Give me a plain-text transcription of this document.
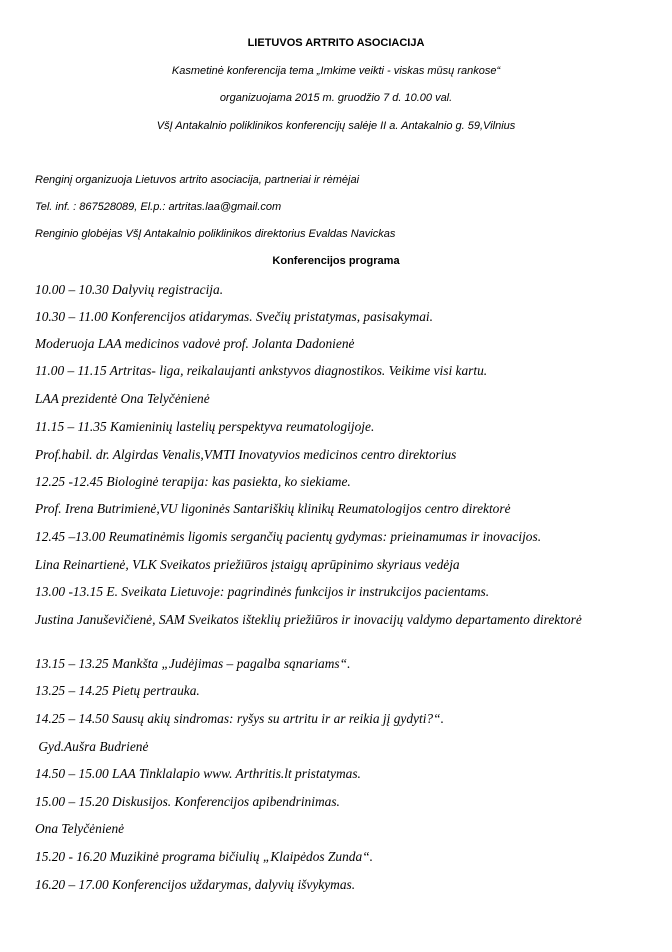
LIETUVOS ARTRITO ASOCIACIJA
Kasmetinė konferencija tema „Imkime veikti - viskas mūsų rankose“
organizuojama 2015 m. gruodžio 7 d. 10.00 val.
VšĮ Antakalnio poliklinikos konferencijų salėje II a. Antakalnio g. 59,Vilnius
Renginį organizuoja Lietuvos artrito asociacija, partneriai ir rėmėjai
Tel. inf. : 867528089, El.p.: artritas.laa@gmail.com
Renginio globėjas VšĮ Antakalnio poliklinikos direktorius Evaldas Navickas
Konferencijos programa
10.00 – 10.30 Dalyvių registracija.
10.30 – 11.00 Konferencijos atidarymas. Svečių pristatymas, pasisakymai.
Moderuoja LAA medicinos vadovė prof. Jolanta Dadonienė
11.00 – 11.15 Artritas- liga, reikalaujanti ankstyvos diagnostikos. Veikime visi kartu.
LAA prezidentė Ona Telyčėnienė
11.15 – 11.35 Kamieninių lastelių perspektyva reumatologijoje.
Prof.habil. dr. Algirdas Venalis,VMTI Inovatyvios medicinos centro direktorius
12.25 -12.45 Biologinė terapija: kas pasiekta, ko siekiame.
Prof. Irena Butrimienė,VU ligoninės Santariškių klinikų Reumatologijos centro direktorė
12.45 –13.00 Reumatinėmis ligomis sergančių pacientų gydymas: prieinamumas ir inovacijos.
Lina Reinartienė, VLK Sveikatos priežiūros įstaigų aprūpinimo skyriaus vedėja
13.00 -13.15 E. Sveikata Lietuvoje: pagrindinės funkcijos ir instrukcijos pacientams.
Justina Januševičienė, SAM Sveikatos išteklių priežiūros ir inovacijų valdymo departamento direktorė
13.15 – 13.25 Mankšta „Judėjimas – pagalba sąnariams“.
13.25 – 14.25 Pietų pertrauka.
14.25 – 14.50 Sausų akių sindromas: ryšys su artritu ir ar reikia jį gydyti?“.
Gyd.Aušra Budrienė
14.50 – 15.00 LAA Tinklalapio www. Arthritis.lt pristatymas.
15.00 – 15.20 Diskusijos. Konferencijos apibendrinimas.
Ona Telyčėnienė
15.20 - 16.20 Muzikinė programa bičiulių „Klaipėdos Zunda“.
16.20 – 17.00 Konferencijos uždarymas, dalyvių išvykymas.
